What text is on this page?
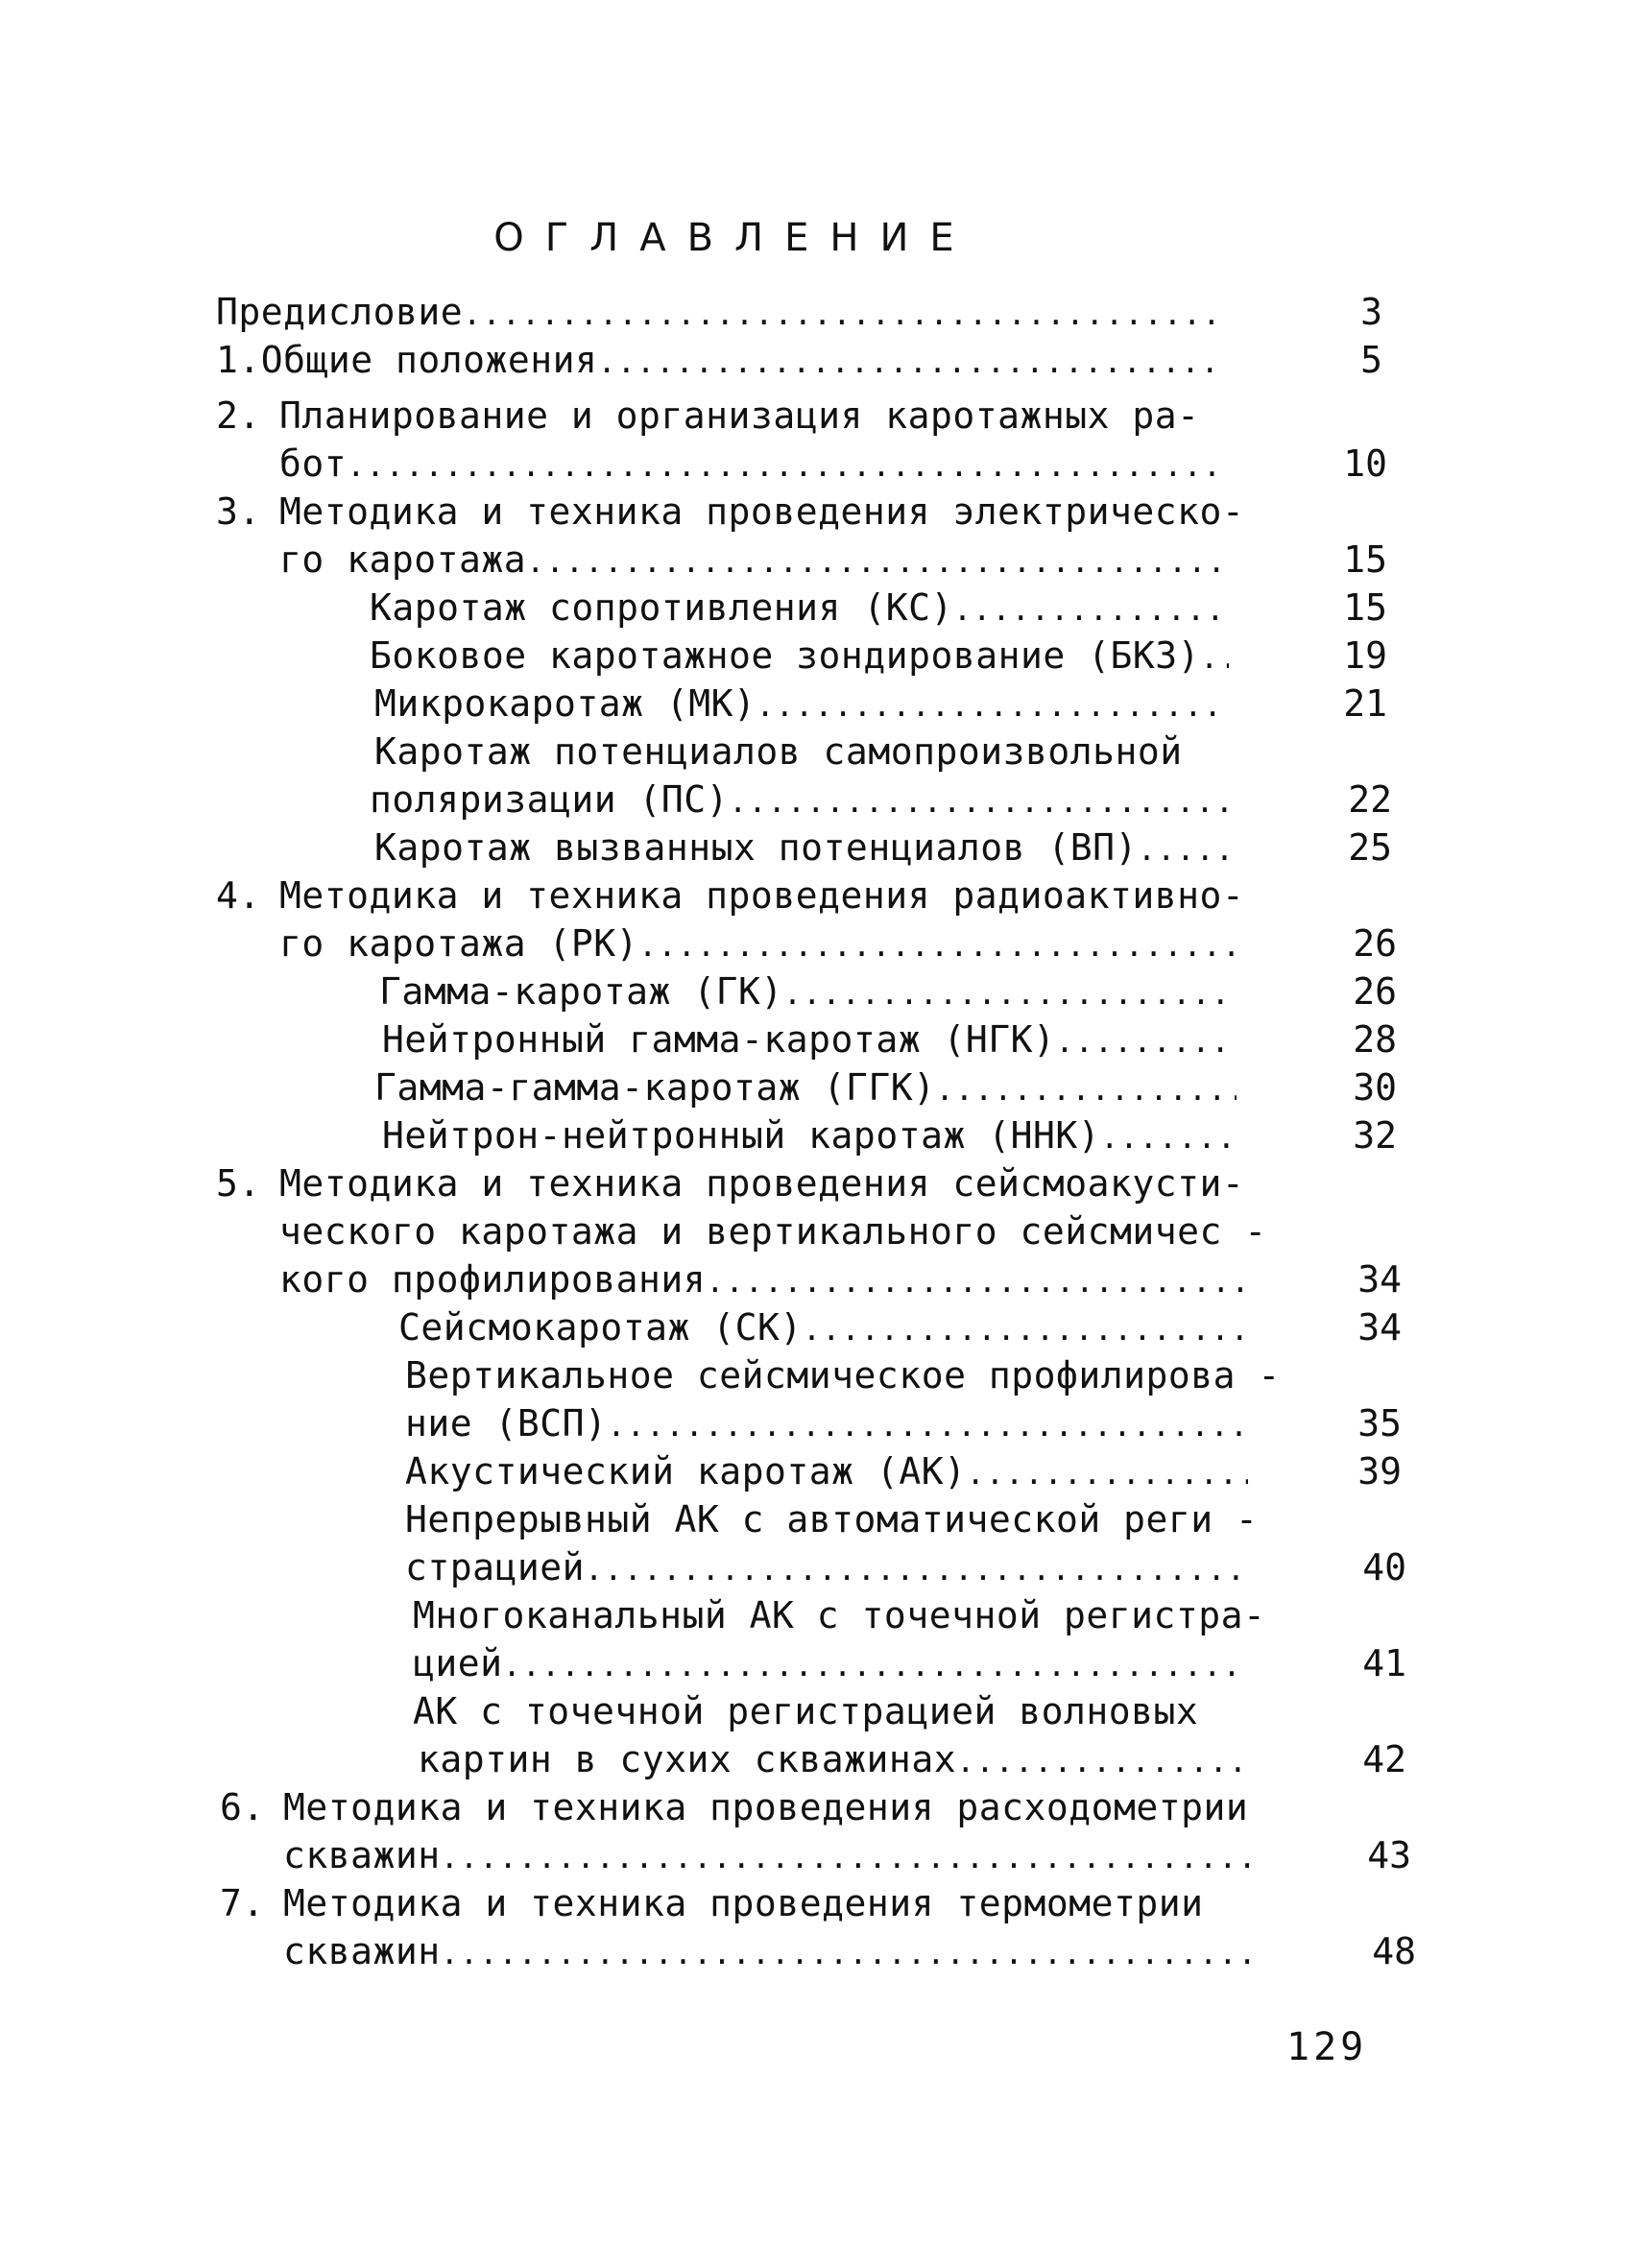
ОГЛАВЛЕНИЕ
Предисловие .....	3
1. Общие положения .....	5
2. Планирование и организация каротажных ра-
бот .....	10
3. Методика и техника проведения электрическо-
го каротажа .....	15
Каротаж сопротивления (КС) .....	15
Боковое каротажное зондирование (БКЗ) .....	19
Микрокаротаж (МК) .....	21
Каротаж потенциалов самопроизвольной
поляризации (ПС) .....	22
Каротаж вызванных потенциалов (ВП) .....	25
4. Методика и техника проведения радиоактивно-
го каротажа (РК) .....	26
Гамма-каротаж (ГК) .....	26
Нейтронный гамма-каротаж (НГК) .....	28
Гамма-гамма-каротаж (ГГК) .....	30
Нейтрон-нейтронный каротаж (ННК) .....	32
5. Методика и техника проведения сейсмоакусти-
ческого каротажа и вертикального сейсмичес -
кого профилирования .....	34
Сейсмокаротаж (СК) .....	34
Вертикальное сейсмическое профилирова -
ние (ВСП) .....	35
Акустический каротаж (АК) .....	39
Непрерывный АК с автоматической реги -
страцией .....	40
Многоканальный АК с точечной регистра-
цией .....	41
АК с точечной регистрацией волновых
картин в сухих скважинах .....	42
6. Методика и техника проведения расходометрии
скважин .....	43
7. Методика и техника проведения термометрии
скважин .....	48
129
